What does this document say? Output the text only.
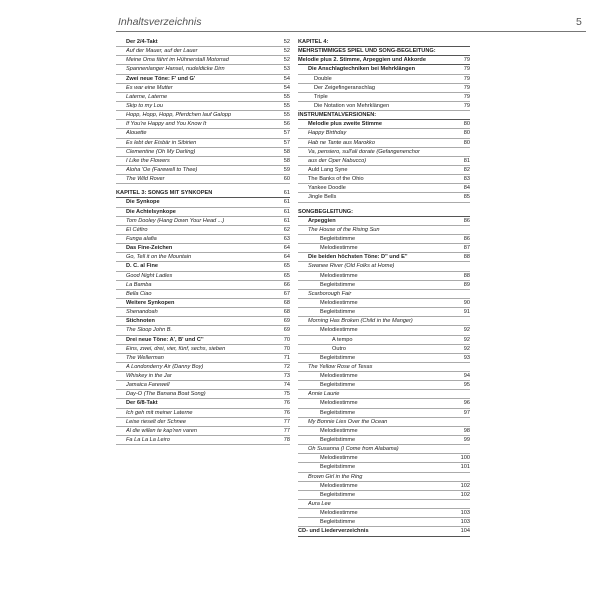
Inhaltsverzeichnis	5
Der 2/4-Takt	52
Auf der Mauer, auf der Lauer	52
Meine Oma fährt im Hühnerstall Motorrad	52
Spannenlanger Hansel, nudeldicke Dirn	53
Zwei neue Töne: F' und G'	54
Es war eine Mutter	54
Laterne, Laterne	55
Skip to my Lou	55
Hopp, Hopp, Hopp, Pferdchen lauf Galopp	55
If You're Happy and You Know It	56
Alouette	57
Es lebt der Eisbär in Sibirien	57
Clementine (Oh My Darling)	58
I Like the Flowers	58
Aloha 'Oe (Farewell to Thee)	59
The Wild Rover	60
KAPITEL 3: SONGS MIT SYNKOPEN	61
Die Synkope	61
Die Achtelsynkope	61
Tom Dooley (Hang Down Your Head ...)	61
El Céfiro	62
Funga alafia	63
Das Fine-Zeichen	64
Go, Tell it on the Mountain	64
D. C. al Fine	65
Good Night Ladies	65
La Bamba	66
Bella Ciao	67
Weitere Synkopen	68
Shenandoah	68
Stichnoten	69
The Sloop John B.	69
Drei neue Töne: A', B' und C''	70
Eins, zwei, drei, vier, fünf, sechs, sieben	70
The Wellerman	71
A Londonderry Air (Danny Boy)	72
Whiskey in the Jar	73
Jamaica Farewell	74
Day-O (The Banana Boat Song)	75
Der 6/8-Takt	76
Ich geh mit meiner Laterne	76
Leise rieselt der Schnee	77
Al die willen te kap'ren varen	77
Fa La La La Leiro	78
KAPITEL 4:
MEHRSTIMMIGES SPIEL UND SONG-BEGLEITUNG:
Melodie plus 2. Stimme, Arpeggien und Akkorde	79
Die Anschlagtechniken bei Mehrklängen	79
Double	79
Der Zeigefingeranschlag	79
Triple	79
Die Notation von Mehrklängen	79
INSTRUMENTALVERSIONEN:
Melodie plus zweite Stimme	80
Happy Birthday	80
Hab ne Tante aus Marokko	80
Va, pensiero, sull'ali dorate (Gefangenenchor
aus der Oper Nabucco)	81
Auld Lang Syne	82
The Banks of the Ohio	83
Yankee Doodle	84
Jingle Bells	85
SONGBEGLEITUNG:
Arpeggien	86
The House of the Rising Sun
Begleitstimme	86
Melodiestimme	87
Die beiden höchsten Töne: D'' und E''	88
Swanee River (Old Folks at Home)
Melodiestimme	88
Begleitstimme	89
Scarborough Fair
Melodiestimme	90
Begleitstimme	91
Morning Has Broken (Child in the Manger)
Melodiestimme	92
A tempo	92
Outro	92
Begleitstimme	93
The Yellow Rose of Texas
Melodiestimme	94
Begleitstimme	95
Annie Laurie
Melodiestimme	96
Begleitstimme	97
My Bonnie Lies Over the Ocean
Melodiestimme	98
Begleitstimme	99
Oh Susanna (I Come from Alabama)
Melodiestimme	100
Begleitstimme	101
Brown Girl in the Ring
Melodiestimme	102
Begleitstimme	102
Aura Lee
Melodiestimme	103
Begleitstimme	103
CD- und Liederverzeichnis	104
